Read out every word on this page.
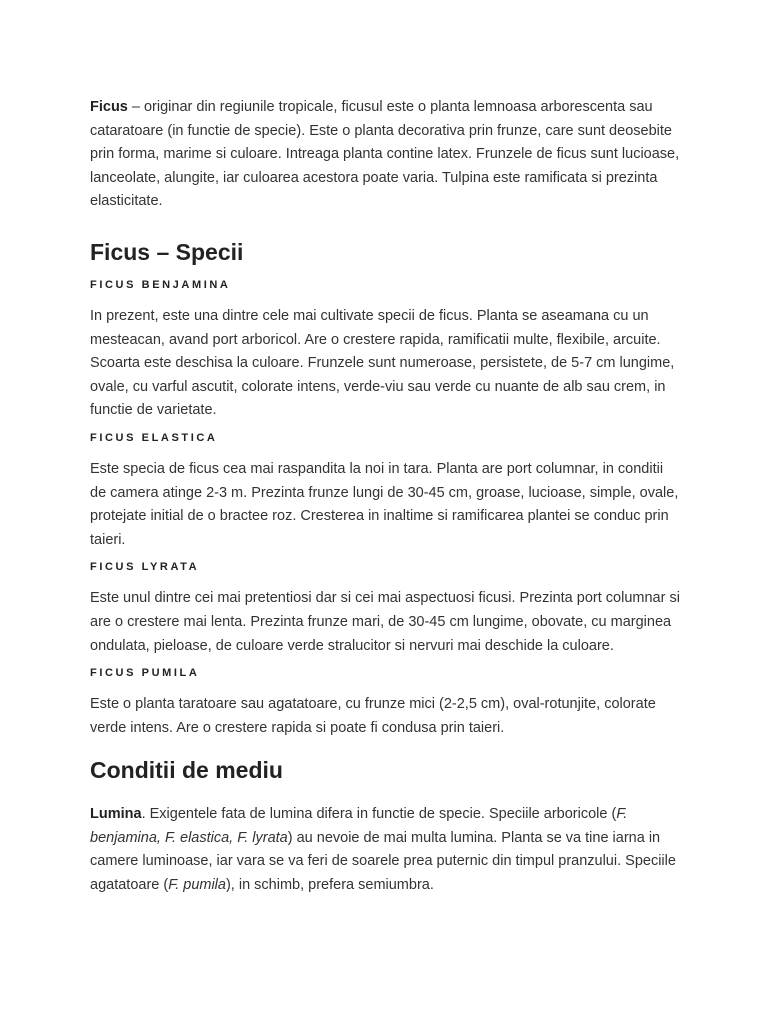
Ficus – originar din regiunile tropicale, ficusul este o planta lemnoasa arborescenta sau cataratoare (in functie de specie). Este o planta decorativa prin frunze, care sunt deosebite prin forma, marime si culoare. Intreaga planta contine latex. Frunzele de ficus sunt lucioase, lanceolate, alungite, iar culoarea acestora poate varia. Tulpina este ramificata si prezinta elasticitate.

Ficus – Specii
FICUS BENJAMINA

In prezent, este una dintre cele mai cultivate specii de ficus. Planta se aseamana cu un mesteacan, avand port arboricol. Are o crestere rapida, ramificatii multe, flexibile, arcuite. Scoarta este deschisa la culoare. Frunzele sunt numeroase, persistete, de 5-7 cm lungime, ovale, cu varful ascutit, colorate intens, verde-viu sau verde cu nuante de alb sau crem, in functie de varietate.

FICUS ELASTICA

Este specia de ficus cea mai raspandita la noi in tara. Planta are port columnar, in conditii de camera atinge 2-3 m. Prezinta frunze lungi de 30-45 cm, groase, lucioase, simple, ovale, protejate initial de o bractee roz. Cresterea in inaltime si ramificarea plantei se conduc prin taieri.

FICUS LYRATA

Este unul dintre cei mai pretentiosi dar si cei mai aspectuosi ficusi. Prezinta port columnar si are o crestere mai lenta. Prezinta frunze mari, de 30-45 cm lungime, obovate, cu marginea ondulata, pieloase, de culoare verde stralucitor si nervuri mai deschide la culoare.

FICUS PUMILA

Este o planta taratoare sau agatatoare, cu frunze mici (2-2,5 cm), oval-rotunjite, colorate verde intens. Are o crestere rapida si poate fi condusa prin taieri.

Conditii de mediu

Lumina. Exigentele fata de lumina difera in functie de specie. Speciile arboricole (F. benjamina, F. elastica, F. lyrata) au nevoie de mai multa lumina. Planta se va tine iarna in camere luminoase, iar vara se va feri de soarele prea puternic din timpul pranzului. Speciile agatatoare (F. pumila), in schimb, prefera semiumbra.
